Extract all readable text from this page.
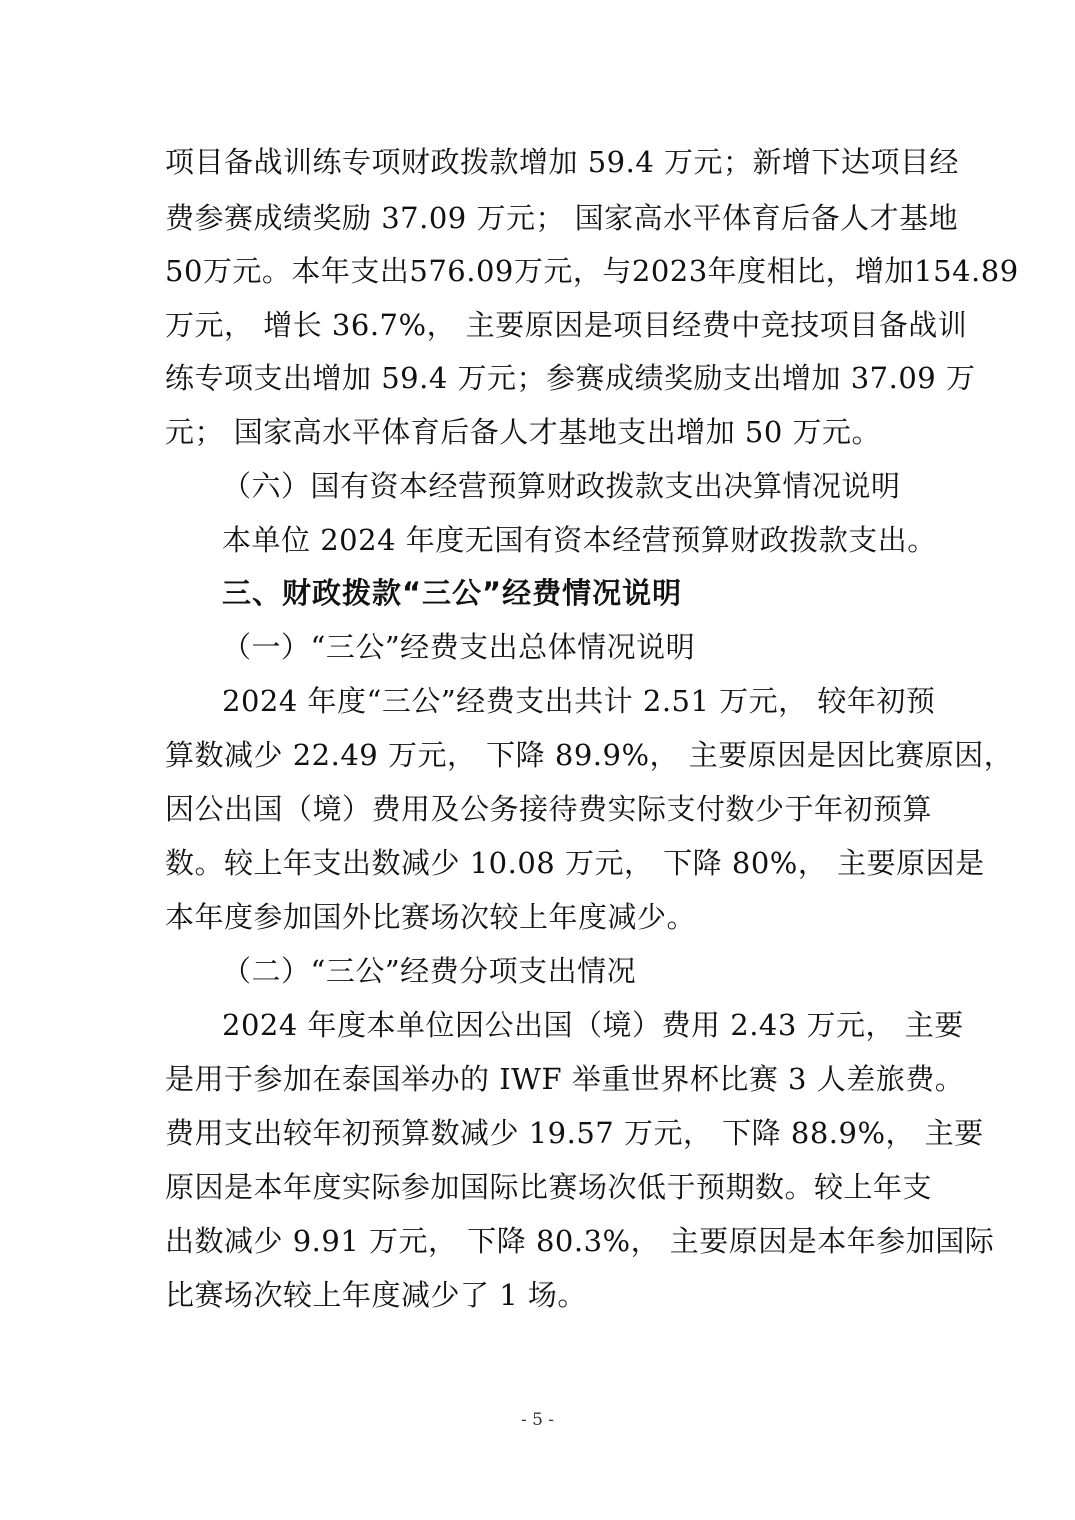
项目备战训练专项财政拨款增加 59.4 万元；新增下达项目经
费参赛成绩奖励 37.09 万元； 国家高水平体育后备人才基地
50万元。本年支出576.09万元，与2023年度相比，增加154.89
万元， 增长 36.7%， 主要原因是项目经费中竞技项目备战训
练专项支出增加 59.4 万元；参赛成绩奖励支出增加 37.09 万
元； 国家高水平体育后备人才基地支出增加 50 万元。
（六）国有资本经营预算财政拨款支出决算情况说明
本单位 2024 年度无国有资本经营预算财政拨款支出。
三、财政拨款“三公”经费情况说明
（一）“三公”经费支出总体情况说明
2024 年度“三公”经费支出共计 2.51 万元， 较年初预
算数减少 22.49 万元， 下降 89.9%， 主要原因是因比赛原因，
因公出国（境）费用及公务接待费实际支付数少于年初预算
数。较上年支出数减少 10.08 万元， 下降 80%， 主要原因是
本年度参加国外比赛场次较上年度减少。
（二）“三公”经费分项支出情况
2024 年度本单位因公出国（境）费用 2.43 万元， 主要
是用于参加在泰国举办的 IWF 举重世界杯比赛 3 人差旅费。
费用支出较年初预算数减少 19.57 万元， 下降 88.9%， 主要
原因是本年度实际参加国际比赛场次低于预期数。较上年支
出数减少 9.91 万元， 下降 80.3%， 主要原因是本年参加国际
比赛场次较上年度减少了 1 场。
- 5 -
